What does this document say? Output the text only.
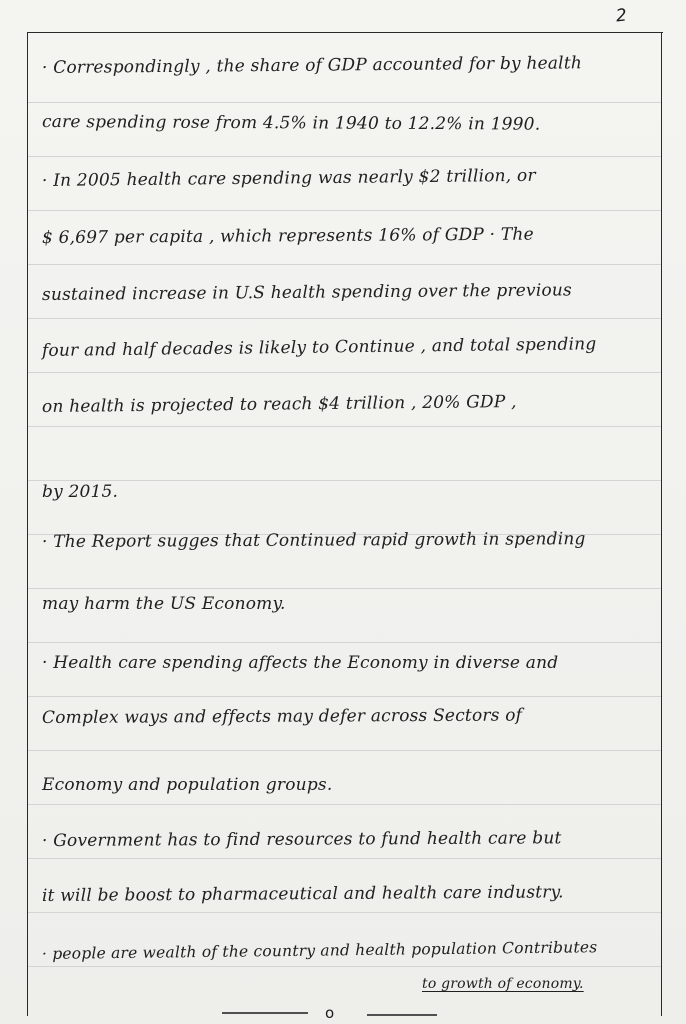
2
· Correspondingly , the share of GDP accounted for by health
care spending rose from 4.5% in 1940 to 12.2% in 1990.
· In 2005 health care spending was nearly $2 trillion, or
$ 6,697 per capita , which represents 16% of GDP · The
sustained increase in U.S health spending over the previous
four and half decades is likely to Continue , and total spending
on health is projected to reach $4 trillion , 20% GDP ,
by 2015.
· The Report sugges that Continued rapid growth in spending
may harm the US Economy.
· Health care spending affects the Economy in diverse and
Complex ways and effects may defer across Sectors of
Economy and population groups.
· Government has to find resources to fund health care but
it will be boost to pharmaceutical and health care industry.
· people are wealth of the country and health population Contributes
to growth of economy.
o
